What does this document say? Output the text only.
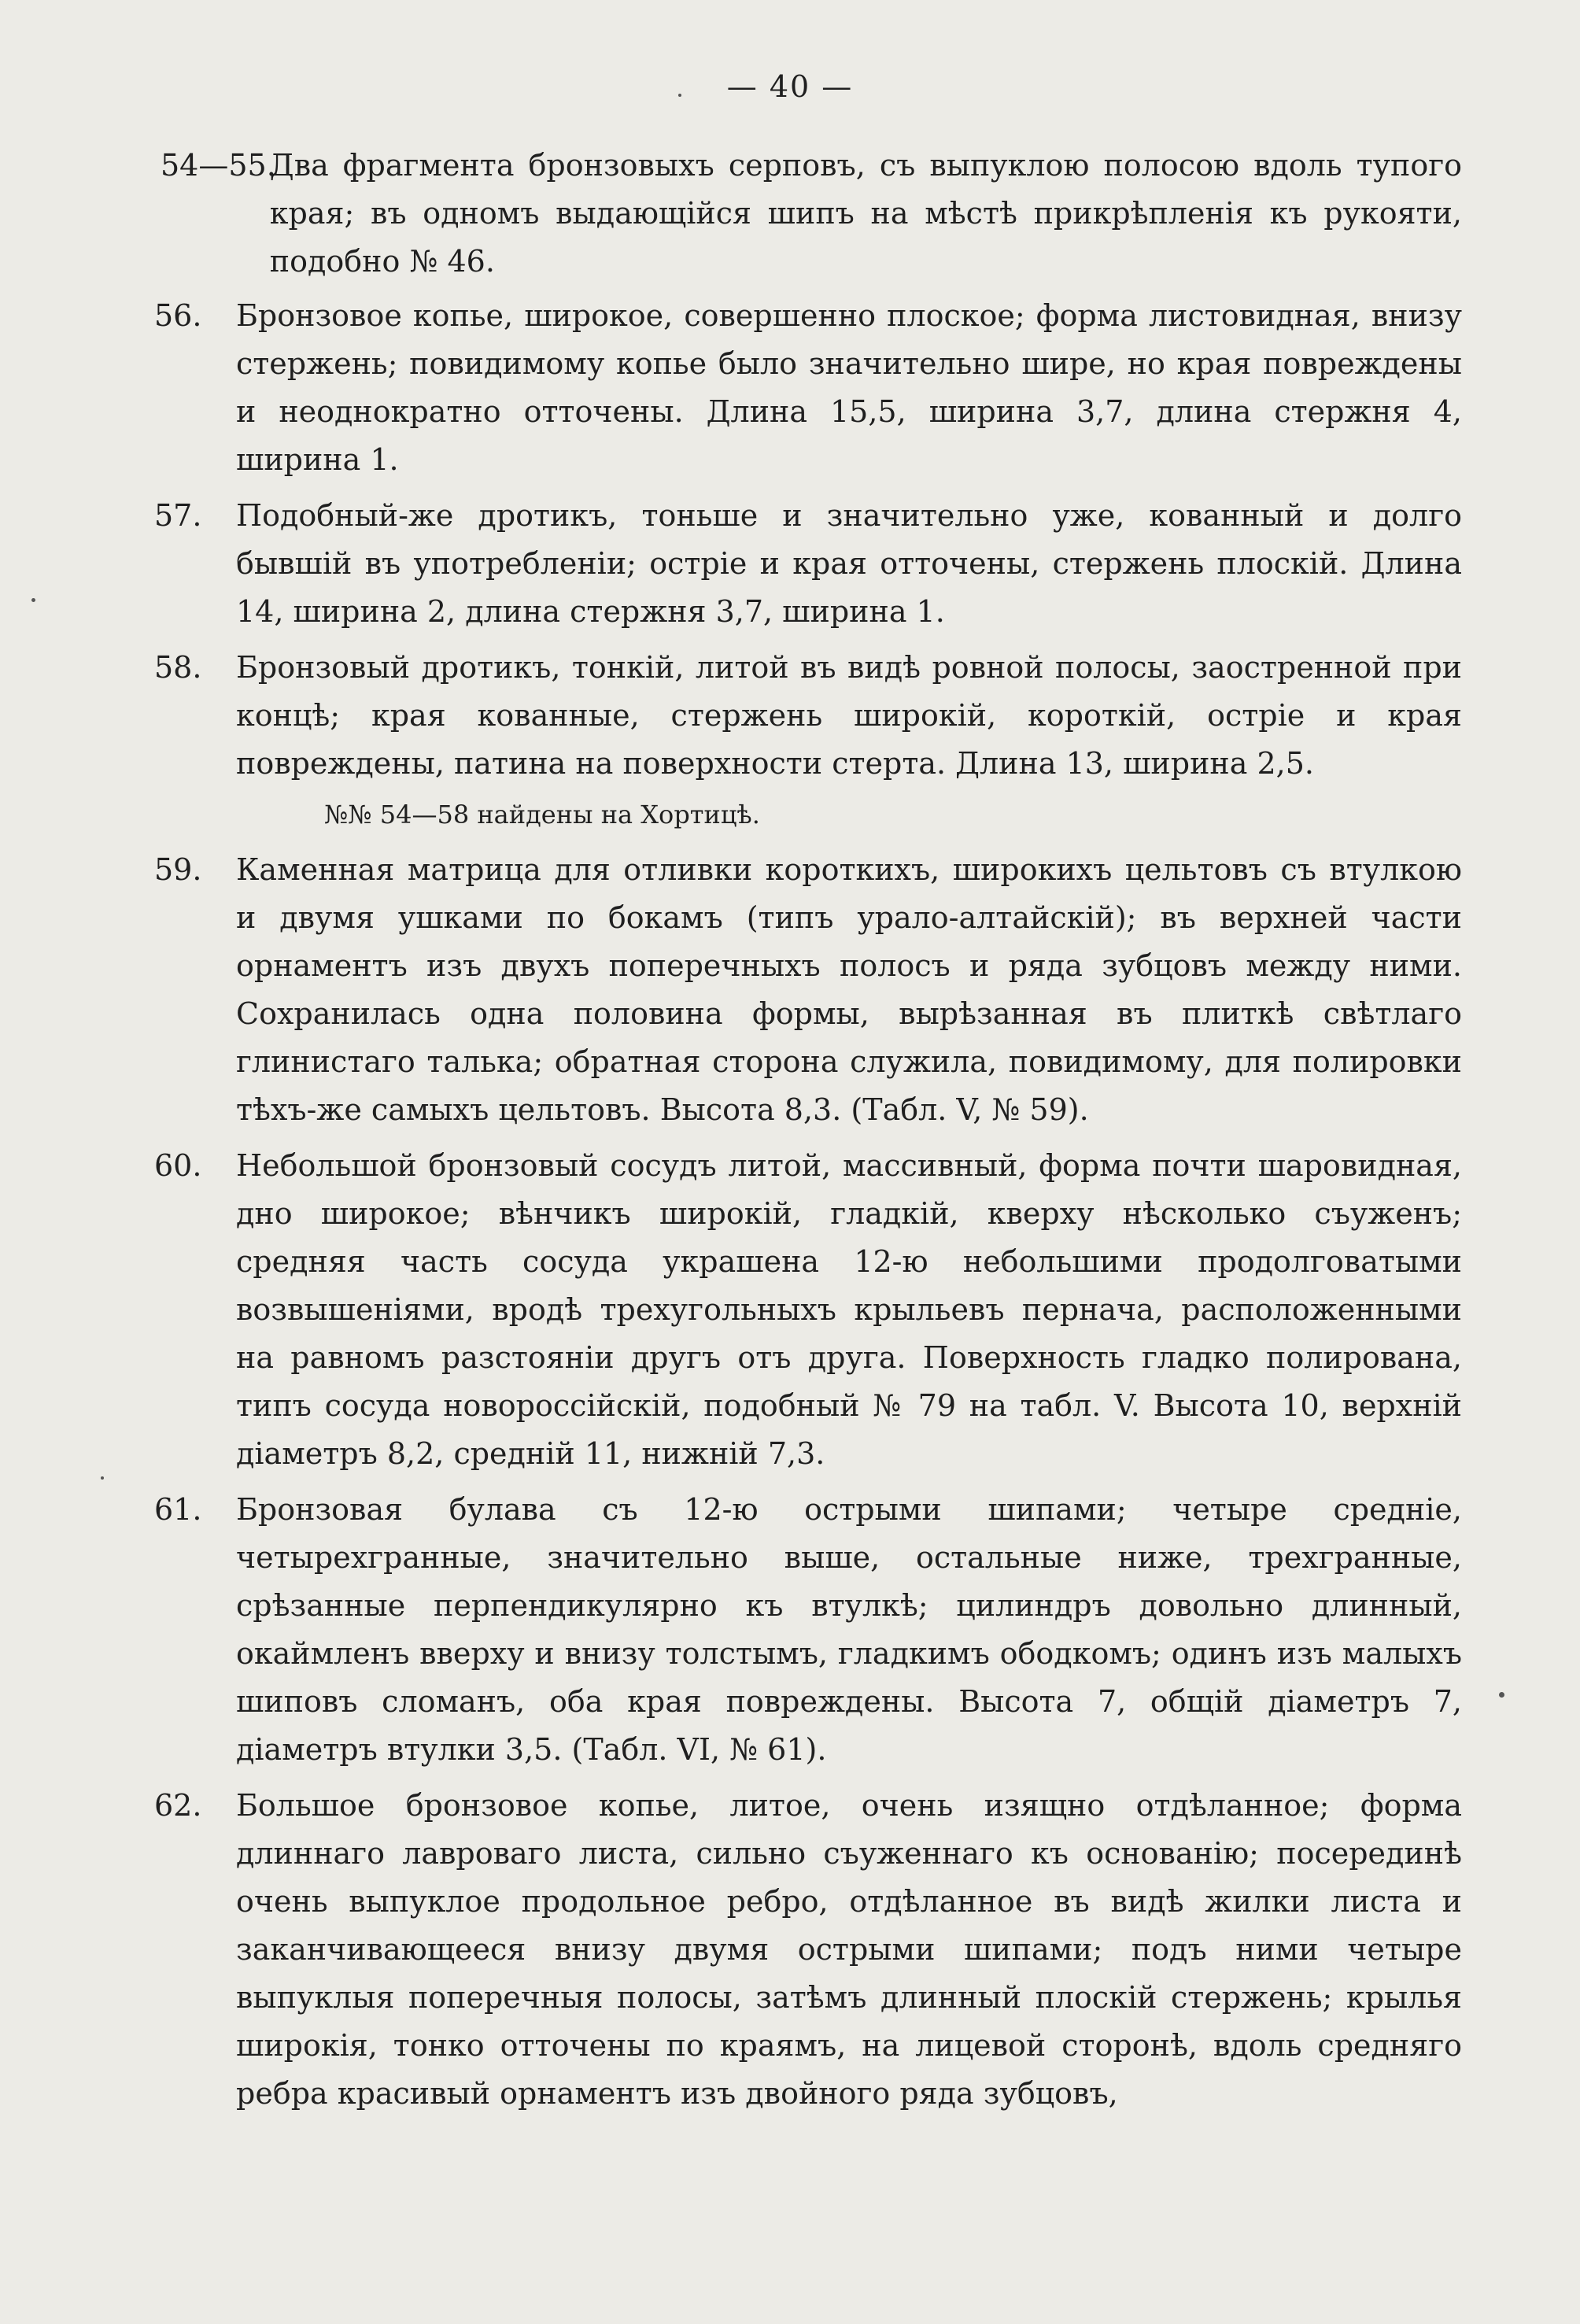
— 40 —
54—55.
Два фрагмента бронзовыхъ серповъ, съ выпуклою полосою вдоль тупого края; въ одномъ выдающійся шипъ на мѣстѣ прикрѣпленія къ рукояти, подобно № 46.
56.	Бронзовое копье, широкое, совершенно плоское; форма листовидная, внизу стержень; повидимому копье было значительно шире, но края повреждены и неоднократно отточены. Длина 15,5, ширина 3,7, длина стержня 4, ширина 1.
57.	Подобный-же дротикъ, тоньше и значительно уже, кованный и долго бывшій въ употребленіи; остріе и края отточены, стержень плоскій. Длина 14, ширина 2, длина стержня 3,7, ширина 1.
58.	Бронзовый дротикъ, тонкій, литой въ видѣ ровной полосы, заостренной при концѣ; края кованные, стержень широкій, короткій, остріе и края повреждены, патина на поверхности стерта. Длина 13, ширина 2,5.
№№ 54—58 найдены на Хортицѣ.
59.	Каменная матрица для отливки короткихъ, широкихъ цельтовъ съ втулкою и двумя ушками по бокамъ (типъ урало-алтайскій); въ верхней части орнаментъ изъ двухъ поперечныхъ полосъ и ряда зубцовъ между ними. Сохранилась одна половина формы, вырѣзанная въ плиткѣ свѣтлаго глинистаго талька; обратная сторона служила, повидимому, для полировки тѣхъ-же самыхъ цельтовъ. Высота 8,3. (Табл. V, № 59).
60.	Небольшой бронзовый сосудъ литой, массивный, форма почти шаровидная, дно широкое; вѣнчикъ широкій, гладкій, кверху нѣсколько съуженъ; средняя часть сосуда украшена 12-ю небольшими продолговатыми возвышеніями, вродѣ трехугольныхъ крыльевъ пернача, расположенными на равномъ разстояніи другъ отъ друга. Поверхность гладко полирована, типъ сосуда новороссійскій, подобный № 79 на табл. V. Высота 10, верхній діаметръ 8,2, средній 11, нижній 7,3.
61.	Бронзовая булава съ 12-ю острыми шипами; четыре средніе, четырехгранные, значительно выше, остальные ниже, трехгранные, срѣзанные перпендикулярно къ втулкѣ; цилиндръ довольно длинный, окаймленъ вверху и внизу толстымъ, гладкимъ ободкомъ; одинъ изъ малыхъ шиповъ сломанъ, оба края повреждены. Высота 7, общій діаметръ 7, діаметръ втулки 3,5. (Табл. VI, № 61).
62.	Большое бронзовое копье, литое, очень изящно отдѣланное; форма длиннаго лавроваго листа, сильно съуженнаго къ основанію; посерединѣ очень выпуклое продольное ребро, отдѣланное въ видѣ жилки листа и заканчивающееся внизу двумя острыми шипами; подъ ними четыре выпуклыя поперечныя полосы, затѣмъ длинный плоскій стержень; крылья широкія, тонко отточены по краямъ, на лицевой сторонѣ, вдоль средняго ребра красивый орнаментъ изъ двойного ряда зубцовъ,
